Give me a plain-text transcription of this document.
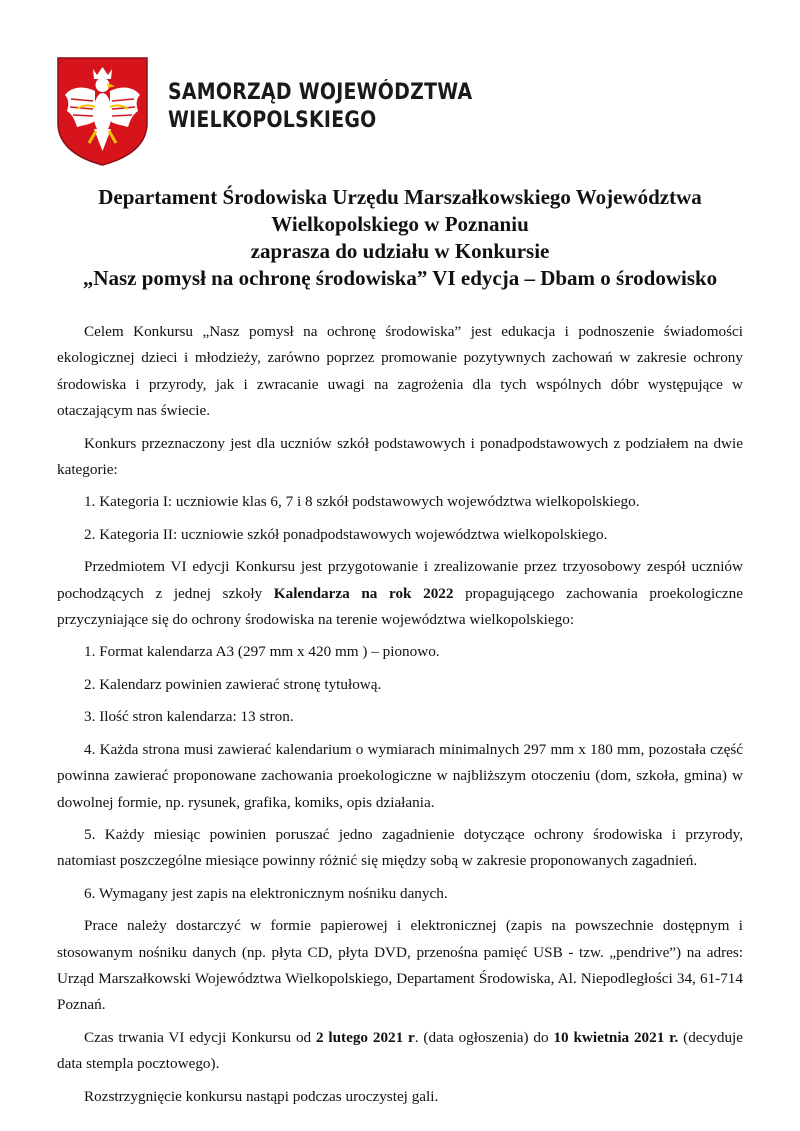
SAMORZĄD WOJEWÓDZTWA
WIELKOPOLSKIEGO
Departament Środowiska Urzędu Marszałkowskiego Województwa
Wielkopolskiego w Poznaniu
zaprasza do udziału w Konkursie
„Nasz pomysł na ochronę środowiska” VI edycja – Dbam o środowisko

Celem Konkursu „Nasz pomysł na ochronę środowiska” jest edukacja i podnoszenie świadomości ekologicznej dzieci i młodzieży, zarówno poprzez promowanie pozytywnych zachowań w zakresie ochrony środowiska i przyrody, jak i zwracanie uwagi na zagrożenia dla tych wspólnych dóbr występujące w otaczającym nas świecie.

Konkurs przeznaczony jest dla uczniów szkół podstawowych i ponadpodstawowych z podziałem na dwie kategorie:

1. Kategoria I: uczniowie klas 6, 7 i 8 szkół podstawowych województwa wielkopolskiego.

2. Kategoria II: uczniowie szkół ponadpodstawowych województwa wielkopolskiego.

Przedmiotem VI edycji Konkursu jest przygotowanie i zrealizowanie przez trzyosobowy zespół uczniów pochodzących z jednej szkoły Kalendarza na rok 2022 propagującego zachowania proekologiczne przyczyniające się do ochrony środowiska na terenie województwa wielkopolskiego:

1. Format kalendarza A3 (297 mm x 420 mm ) – pionowo.

2. Kalendarz powinien zawierać stronę tytułową.

3. Ilość stron kalendarza: 13 stron.

4. Każda strona musi zawierać kalendarium o wymiarach minimalnych 297 mm x 180 mm, pozostała część powinna zawierać proponowane zachowania proekologiczne w najbliższym otoczeniu (dom, szkoła, gmina) w dowolnej formie, np. rysunek, grafika, komiks, opis działania.

5. Każdy miesiąc powinien poruszać jedno zagadnienie dotyczące ochrony środowiska i przyrody, natomiast poszczególne miesiące powinny różnić się między sobą w zakresie proponowanych zagadnień.

6. Wymagany jest zapis na elektronicznym nośniku danych.

Prace należy dostarczyć w formie papierowej i elektronicznej (zapis na powszechnie dostępnym i stosowanym nośniku danych (np. płyta CD, płyta DVD, przenośna pamięć USB - tzw. „pendrive”) na adres: Urząd Marszałkowski Województwa Wielkopolskiego, Departament Środowiska, Al. Niepodległości 34, 61-714 Poznań.

Czas trwania VI edycji Konkursu od 2 lutego 2021 r. (data ogłoszenia) do 10 kwietnia 2021 r. (decyduje data stempla pocztowego).

Rozstrzygnięcie konkursu nastąpi podczas uroczystej gali.
